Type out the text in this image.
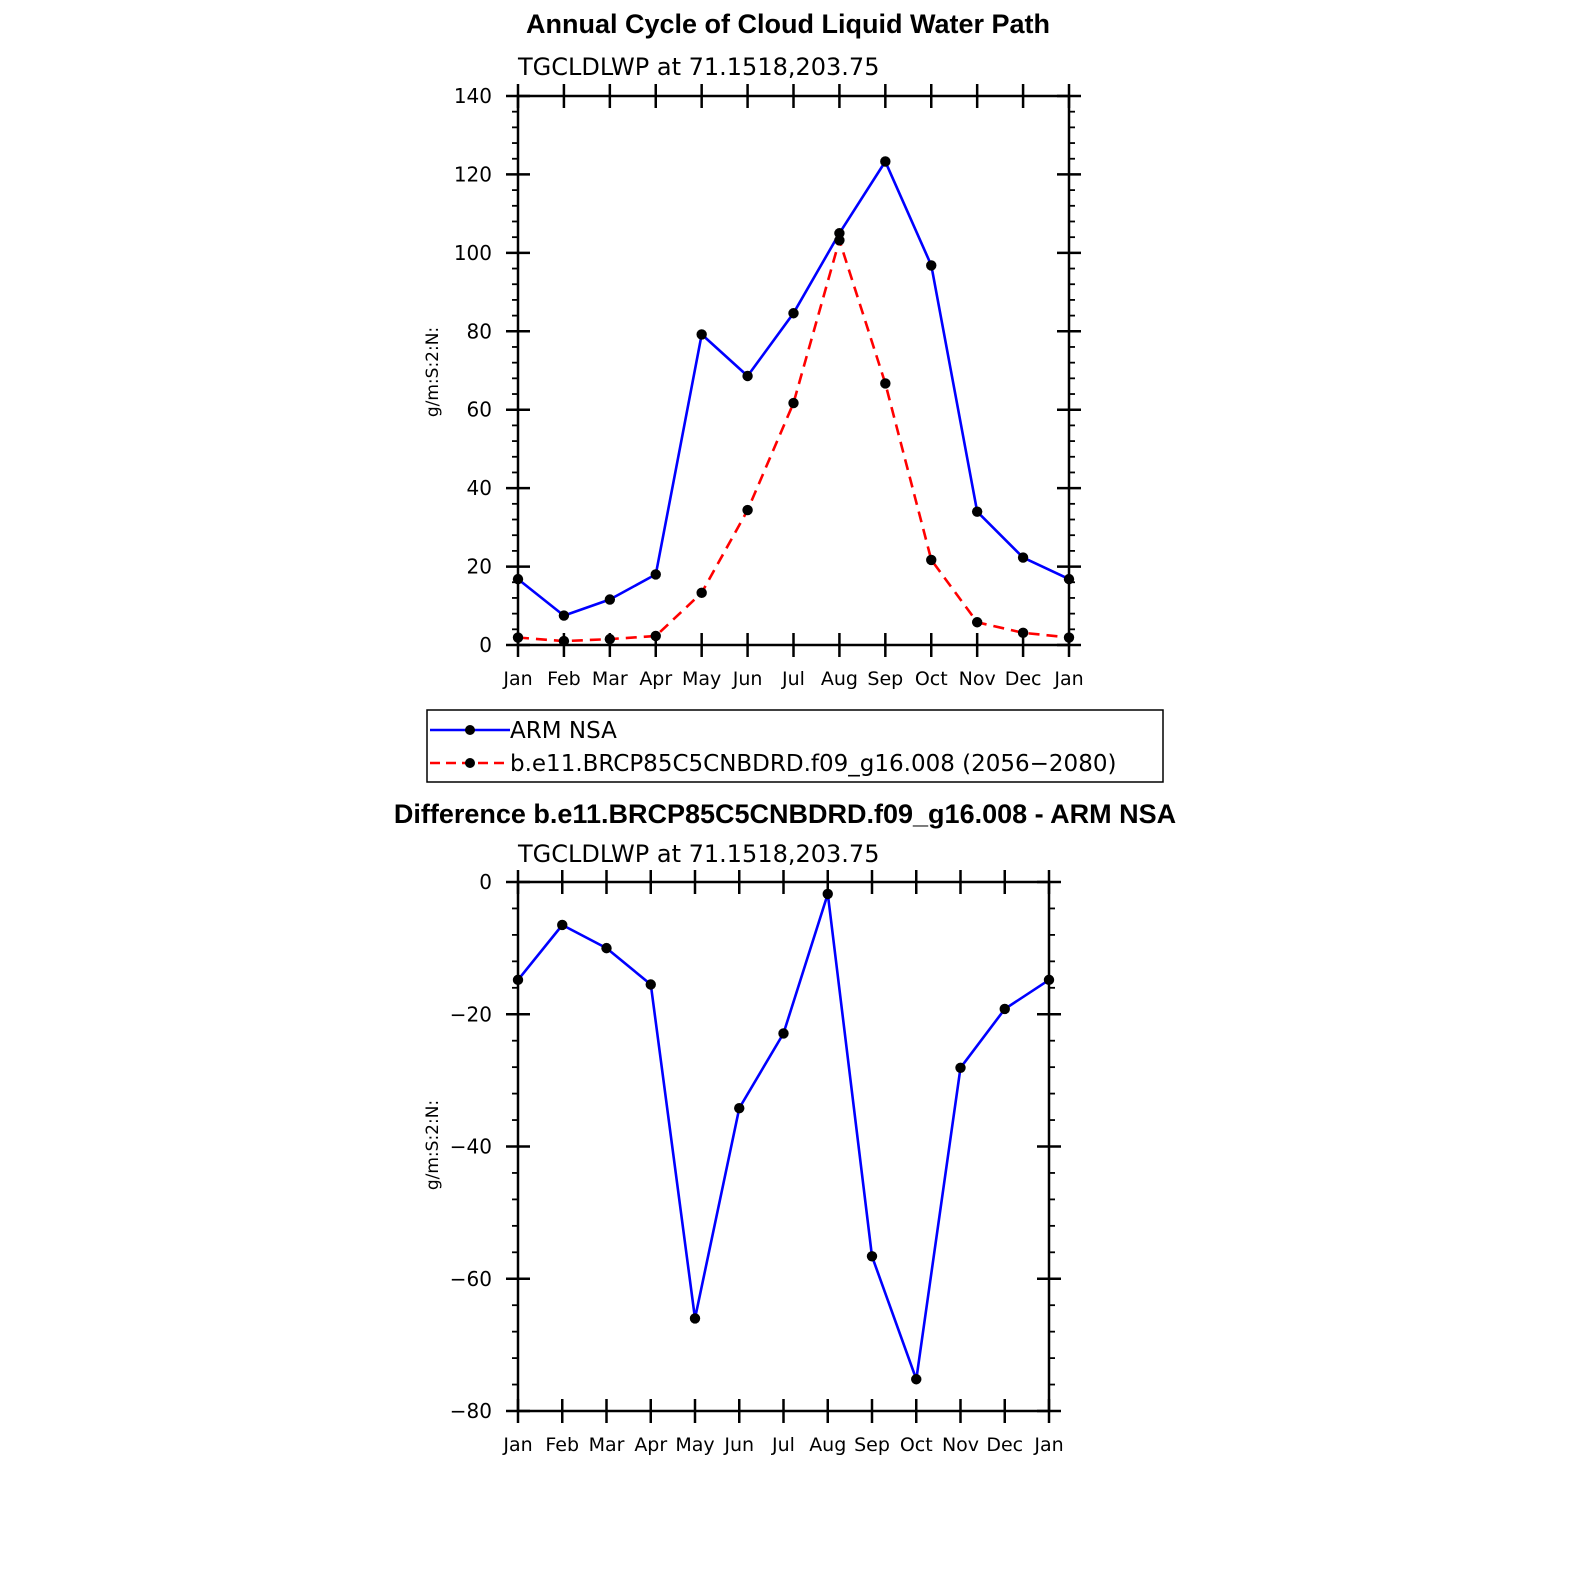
Annual Cycle of Cloud Liquid Water Path
TGCLDLWP at 71.1518,203.75
g/m:S:2:N:
0
20
40
60
80
100
120
140
Jan Feb Mar Apr May Jun Jul Aug Sep Oct Nov Dec Jan
ARM NSA
b.e11.BRCP85C5CNBDRD.f09_g16.008 (2056−2080)
Difference b.e11.BRCP85C5CNBDRD.f09_g16.008 - ARM NSA
TGCLDLWP at 71.1518,203.75
g/m:S:2:N:
−80
−60
−40
−20
0
Jan Feb Mar Apr May Jun Jul Aug Sep Oct Nov Dec Jan
